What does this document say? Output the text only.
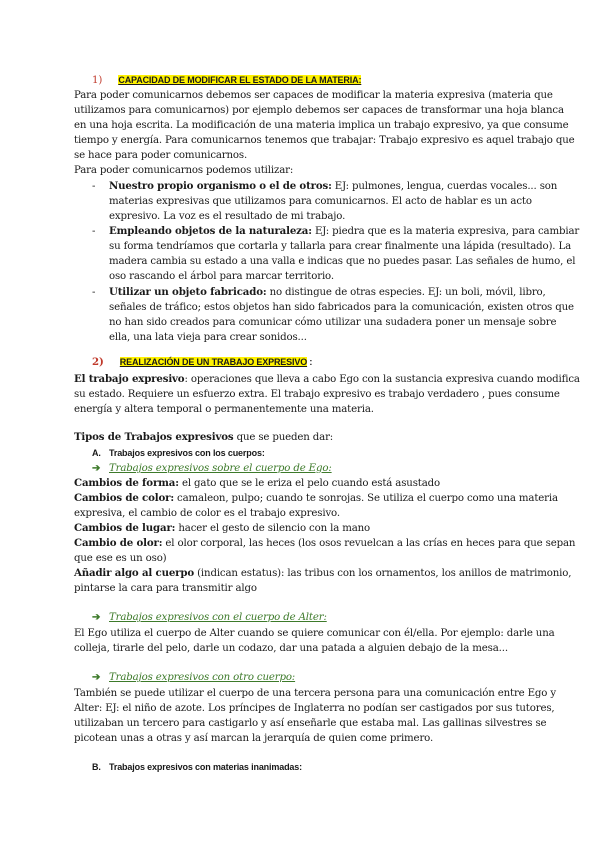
1) CAPACIDAD DE MODIFICAR EL ESTADO DE LA MATERIA:
Para poder comunicarnos debemos ser capaces de modificar la materia expresiva (materia que
utilizamos para comunicarnos) por ejemplo debemos ser capaces de transformar una hoja blanca
en una hoja escrita. La modificación de una materia implica un trabajo expresivo, ya que consume
tiempo y energía. Para comunicarnos tenemos que trabajar: Trabajo expresivo es aquel trabajo que
se hace para poder comunicarnos.
Para poder comunicarnos podemos utilizar:
- Nuestro propio organismo o el de otros: EJ: pulmones, lengua, cuerdas vocales... son
materias expresivas que utilizamos para comunicarnos. El acto de hablar es un acto
expresivo. La voz es el resultado de mi trabajo.
- Empleando objetos de la naturaleza: EJ: piedra que es la materia expresiva, para cambiar
su forma tendríamos que cortarla y tallarla para crear finalmente una lápida (resultado). La
madera cambia su estado a una valla e indicas que no puedes pasar. Las señales de humo, el
oso rascando el árbol para marcar territorio.
- Utilizar un objeto fabricado: no distingue de otras especies. EJ: un boli, móvil, libro,
señales de tráfico; estos objetos han sido fabricados para la comunicación, existen otros que
no han sido creados para comunicar cómo utilizar una sudadera poner un mensaje sobre
ella, una lata vieja para crear sonidos...
2) REALIZACIÓN DE UN TRABAJO EXPRESIVO :
El trabajo expresivo: operaciones que lleva a cabo Ego con la sustancia expresiva cuando modifica
su estado. Requiere un esfuerzo extra. El trabajo expresivo es trabajo verdadero , pues consume
energía y altera temporal o permanentemente una materia.
Tipos de Trabajos expresivos que se pueden dar:
A. Trabajos expresivos con los cuerpos:
➔ Trabajos expresivos sobre el cuerpo de Ego:
Cambios de forma: el gato que se le eriza el pelo cuando está asustado
Cambios de color: camaleon, pulpo; cuando te sonrojas. Se utiliza el cuerpo como una materia
expresiva, el cambio de color es el trabajo expresivo.
Cambios de lugar: hacer el gesto de silencio con la mano
Cambio de olor: el olor corporal, las heces (los osos revuelcan a las crías en heces para que sepan
que ese es un oso)
Añadir algo al cuerpo (indican estatus): las tribus con los ornamentos, los anillos de matrimonio,
pintarse la cara para transmitir algo
➔ Trabajos expresivos con el cuerpo de Alter:
El Ego utiliza el cuerpo de Alter cuando se quiere comunicar con él/ella. Por ejemplo: darle una
colleja, tirarle del pelo, darle un codazo, dar una patada a alguien debajo de la mesa...
➔ Trabajos expresivos con otro cuerpo:
También se puede utilizar el cuerpo de una tercera persona para una comunicación entre Ego y
Alter: EJ: el niño de azote. Los príncipes de Inglaterra no podían ser castigados por sus tutores,
utilizaban un tercero para castigarlo y así enseñarle que estaba mal. Las gallinas silvestres se
picotean unas a otras y así marcan la jerarquía de quien come primero.
B. Trabajos expresivos con materias inanimadas:
